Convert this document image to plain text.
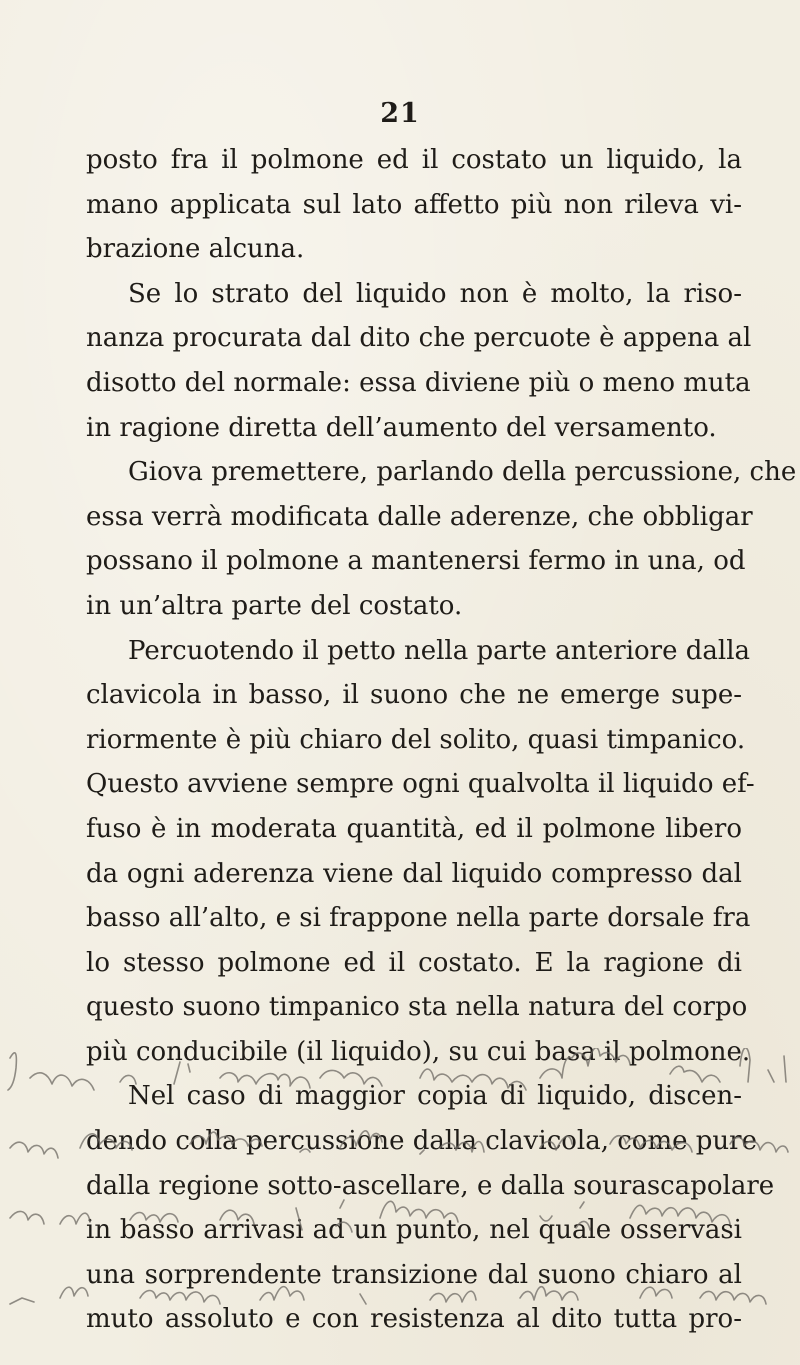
21
posto fra il polmone ed il costato un liquido, la
mano applicata sul lato affetto più non rileva vi-
brazione alcuna.
Se lo strato del liquido non è molto, la riso-
nanza procurata dal dito che percuote è appena al
disotto del normale: essa diviene più o meno muta
in ragione diretta dell’aumento del versamento.
Giova premettere, parlando della percussione, che
essa verrà modificata dalle aderenze, che obbligar
possano il polmone a mantenersi fermo in una, od
in un’altra parte del costato.
Percuotendo il petto nella parte anteriore dalla
clavicola in basso, il suono che ne emerge supe-
riormente è più chiaro del solito, quasi timpanico.
Questo avviene sempre ogni qualvolta il liquido ef-
fuso è in moderata quantità, ed il polmone libero
da ogni aderenza viene dal liquido compresso dal
basso all’alto, e si frappone nella parte dorsale fra
lo stesso polmone ed il costato. E la ragione di
questo suono timpanico sta nella natura del corpo
più conducibile (il liquido), su cui basa il polmone.
Nel caso di maggior copia di liquido, discen-
dendo colla percussione dalla clavicola, come pure
dalla regione sotto-ascellare, e dalla sourascapolare
in basso arrivasi ad un punto, nel quale osservasi
una sorprendente transizione dal suono chiaro al
muto assoluto e con resistenza al dito tutta pro-
